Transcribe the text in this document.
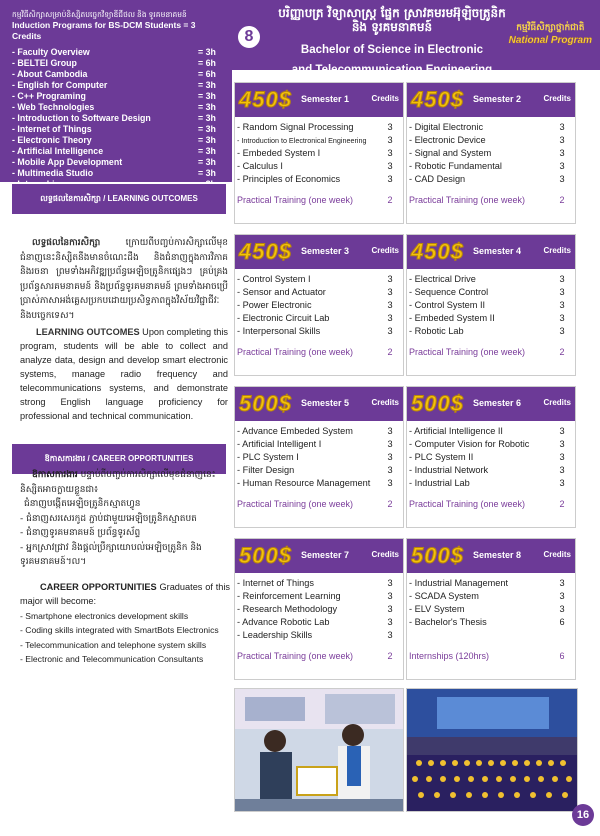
កម្មវិធីសិក្សាសម្រាប់និស្សិតបច្ចេកវិទ្យាឌីជីថល និង ទូរគមនាគមន៍
Induction Programs for BS-DCM Students = 3 Credits
- Faculty Overview	= 3h
- BELTEI Group	= 6h
- About Cambodia	= 6h
- English for Computer	= 3h
- C++ Programing	= 3h
- Web Technologies	= 3h
- Introduction to Software Design	= 3h
- Internet of Things	= 3h
- Electronic Theory	= 3h
- Artificial Intelligence	= 3h
- Mobile App Development	= 3h
- Multimedia Studio	= 3h
បរិញ្ញាបត្រ វិទ្យាសាស្ត្រ ផ្នែក ស្រាវគមរមអ៊ុឡិចត្រូនិក និង ទូរគមនាគមន៍
Bachelor of Science in Electronic
and Telecommunication Engineering
កម្មវិធីសិក្សាថ្នាក់ជាតិ
National Program
8
លទ្ធផលនៃការសិក្សា / LEARNING OUTCOMES
លទ្ធផលនៃការសិក្សា ក្រោយពីបញ្ចប់ការសិក្សាលើមុខជំនាញនេះនិស្សិតនឹងមានចំណេះដឹង និងជំនាញក្នុងការវិភាគ និងរចនា ព្រមទាំងអភិវឌ្ឍប្រព័ន្ធអេឡិចត្រូនិកផ្សេងៗ គ្រប់គ្រងប្រព័ន្ធសារគមនាគមន៍ និងប្រព័ន្ធទូរគមនាគមន៍ ព្រមទាំងអាចប្រើប្រាស់ភាសាអង់គ្លេសប្រកបដោយប្រសិទ្ធភាពក្នុងវិស័យវិជ្ជាជីវៈ និងបច្ចេកទេស។
LEARNING OUTCOMES Upon completing this program, students will be able to collect and analyze data, design and develop smart electronic systems, manage radio frequency and telecommunications systems, and demonstrate strong English language proficiency for professional and technical communication.
ឱកាសការងារ / CAREER OPPORTUNITIES
ឱកាសការងារ បន្ទាប់ពីបញ្ចប់ការសិក្សាលើមុខជំនាញនេះ និស្សិតអាចក្លាយខ្លួនជា៖
ជំនាញបង្កើតអេឡិចត្រូនិកស្មាតហ្វូន
- ជំនាញសរសេរកូដ ភ្ជាប់ជាមួយអេឡិចត្រូនិកស្មាតបត
- ជំនាញទូរគមនាគមន៍ ប្រព័ន្ធទូរស័ព្ទ
- អ្នកស្រាវជ្រាវ និងផ្តល់ប្រឹក្សាយោបល់អេឡិចត្រូនិក និង ទូរគមនាគមន៍។ល។
CAREER OPPORTUNITIES Graduates of this major will become:
- Smartphone electronics development skills
- Coding skills integrated with SmartBots Electronics
- Telecommunication and telephone system skills
- Electronic and Telecommunication Consultants
450$ Semester 1	Credits
- Random Signal Processing	3
- Introduction to Electronical Engineering	3
- Embeded System I	3
- Calculus I	3
- Principles of Economics	3
Practical Training (one week)	2
450$ Semester 2	Credits
- Digital Electronic	3
- Electronic Device	3
- Signal and System	3
- Robotic Fundamental	3
- CAD Design	3
Practical Training (one week)	2
450$ Semester 3	Credits
- Control System I	3
- Sensor and Actuator	3
- Power Electronic	3
- Electronic Circuit Lab	3
- Interpersonal Skills	3
Practical Training (one week)	2
450$ Semester 4	Credits
- Electrical Drive	3
- Sequence Control	3
- Control System II	3
- Embeded System II	3
- Robotic Lab	3
Practical Training (one week)	2
500$ Semester 5	Credits
- Advance Embeded System	3
- Artificial Intelligent I	3
- PLC System I	3
- Filter Design	3
- Human Resource Management	3
Practical Training (one week)	2
500$ Semester 6	Credits
- Artificial Intelligence II	3
- Computer Vision for Robotic	3
- PLC System II	3
- Industrial Network	3
- Industrial Lab	3
Practical Training (one week)	2
500$ Semester 7	Credits
- Internet of Things	3
- Reinforcement Learning	3
- Research Methodology	3
- Advance Robotic Lab	3
- Leadership Skills	3
Practical Training (one week)	2
500$ Semester 8	Credits
- Industrial Management	3
- SCADA System	3
- ELV System	3
- Bachelor's Thesis	6
Internships (120hrs)	6
16
